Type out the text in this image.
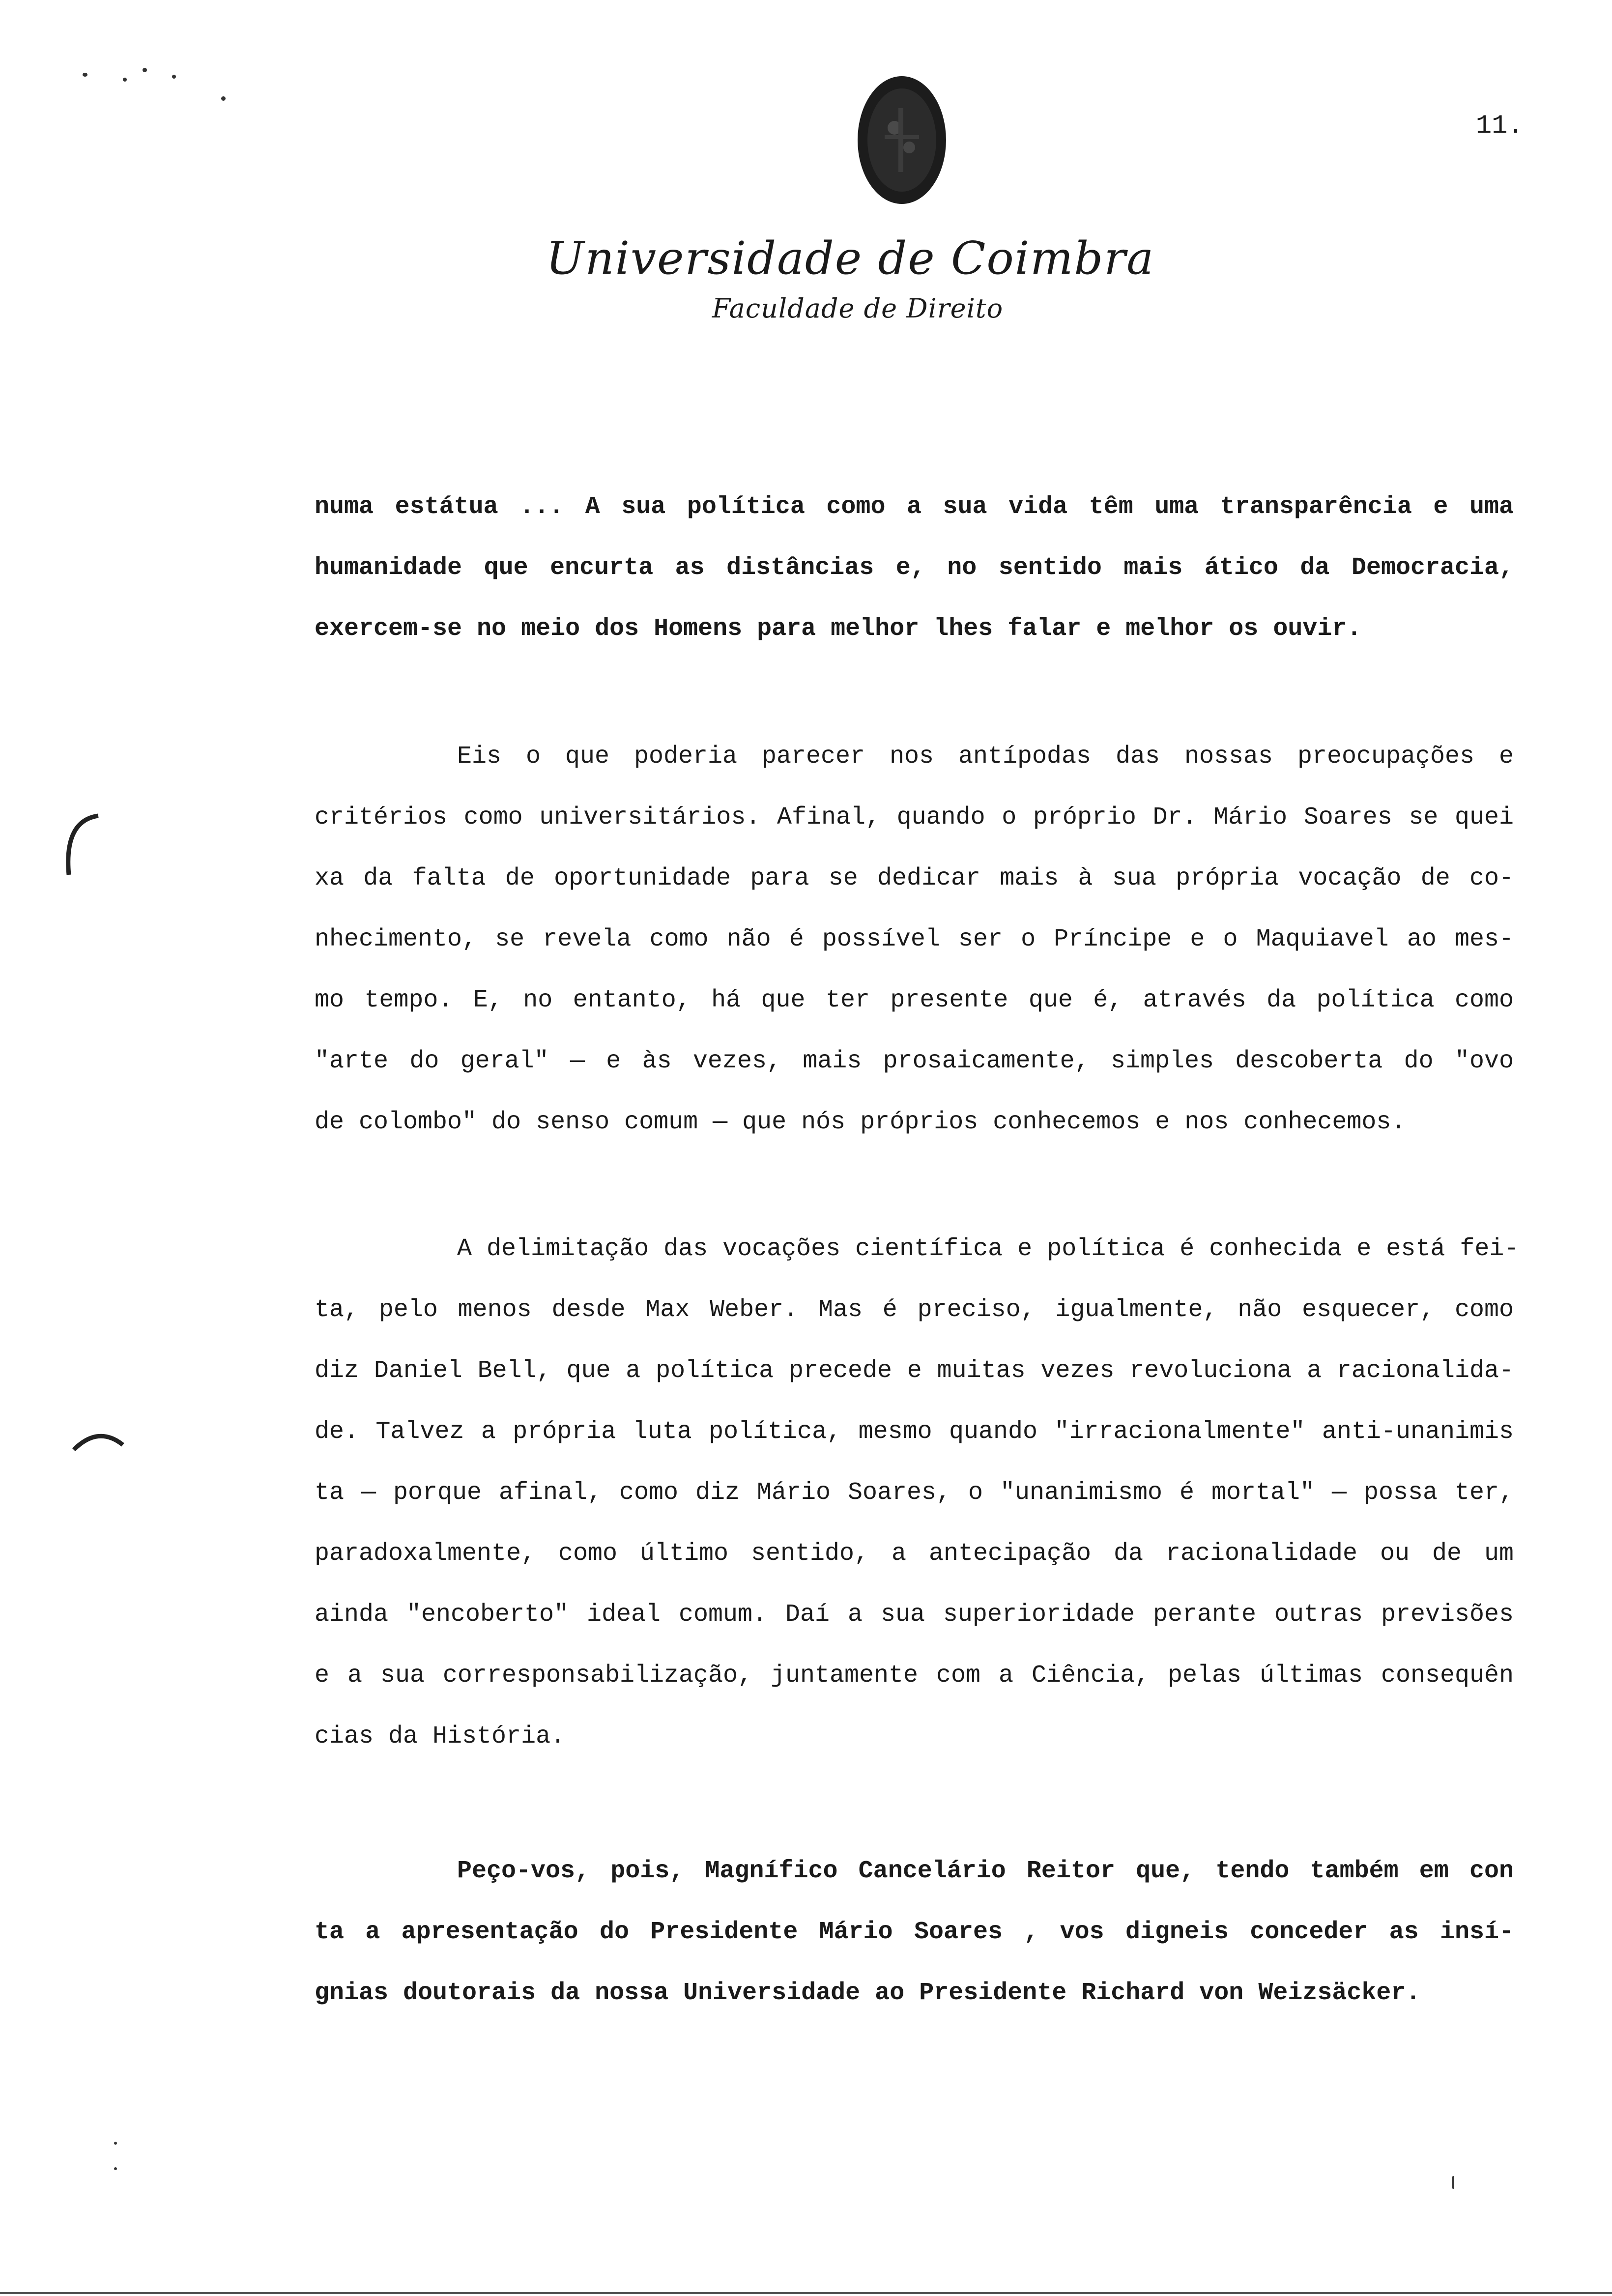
11.
Universidade de Coimbra
Faculdade de Direito

numa estátua ... A sua política como a sua vida têm uma transparência e uma
humanidade que encurta as distâncias e, no sentido mais ático da Democracia,
exercem-se no meio dos Homens para melhor lhes falar e melhor os ouvir.

Eis o que poderia parecer nos antípodas das nossas preocupações e
critérios como universitários. Afinal, quando o próprio Dr. Mário Soares se quei
xa da falta de oportunidade para se dedicar mais à sua própria vocação de co-
nhecimento, se revela como não é possível ser o Príncipe e o Maquiavel ao mes-
mo tempo. E, no entanto, há que ter presente que é, através da política como
"arte do geral" — e às vezes, mais prosaicamente, simples descoberta do "ovo
de colombo" do senso comum — que nós próprios conhecemos e nos conhecemos.

A delimitação das vocações científica e política é conhecida e está fei-
ta, pelo menos desde Max Weber. Mas é preciso, igualmente, não esquecer, como
diz Daniel Bell, que a política precede e muitas vezes revoluciona a racionalida-
de. Talvez a própria luta política, mesmo quando "irracionalmente" anti-unanimis
ta — porque afinal, como diz Mário Soares, o "unanimismo é mortal" — possa ter,
paradoxalmente, como último sentido, a antecipação da racionalidade ou de um
ainda "encoberto" ideal comum. Daí a sua superioridade perante outras previsões
e a sua corresponsabilização, juntamente com a Ciência, pelas últimas consequên
cias da História.

Peço-vos, pois, Magnífico Cancelário Reitor que, tendo também em con
ta a apresentação do Presidente Mário Soares , vos digneis conceder as insí-
gnias doutorais da nossa Universidade ao Presidente Richard von Weizsäcker.
